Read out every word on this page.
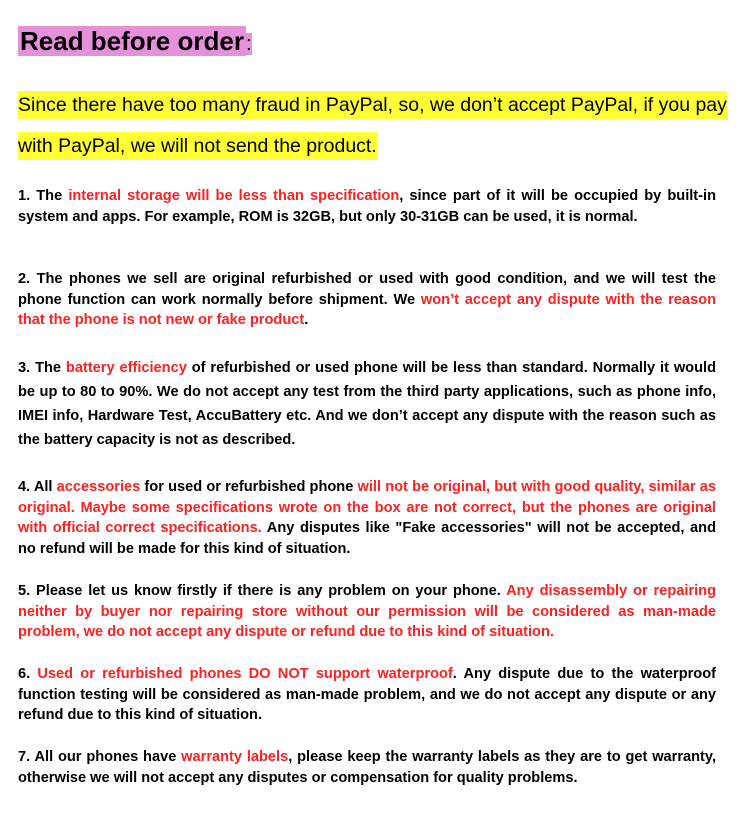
Read before order :
Since there have too many fraud in PayPal, so, we don’t accept PayPal, if you pay with PayPal, we will not send the product.
1. The internal storage will be less than specification, since part of it will be occupied by built-in system and apps. For example, ROM is 32GB, but only 30-31GB can be used, it is normal.
2. The phones we sell are original refurbished or used with good condition, and we will test the phone function can work normally before shipment. We won’t accept any dispute with the reason that the phone is not new or fake product.
3. The battery efficiency of refurbished or used phone will be less than standard. Normally it would be up to 80 to 90%. We do not accept any test from the third party applications, such as phone info, IMEI info, Hardware Test, AccuBattery etc. And we don’t accept any dispute with the reason such as the battery capacity is not as described.
4. All accessories for used or refurbished phone will not be original, but with good quality, similar as original. Maybe some specifications wrote on the box are not correct, but the phones are original with official correct specifications. Any disputes like "Fake accessories" will not be accepted, and no refund will be made for this kind of situation.
5. Please let us know firstly if there is any problem on your phone. Any disassembly or repairing neither by buyer nor repairing store without our permission will be considered as man-made problem, we do not accept any dispute or refund due to this kind of situation.
6. Used or refurbished phones DO NOT support waterproof. Any dispute due to the waterproof function testing will be considered as man-made problem, and we do not accept any dispute or any refund due to this kind of situation.
7. All our phones have warranty labels, please keep the warranty labels as they are to get warranty, otherwise we will not accept any disputes or compensation for quality problems.
